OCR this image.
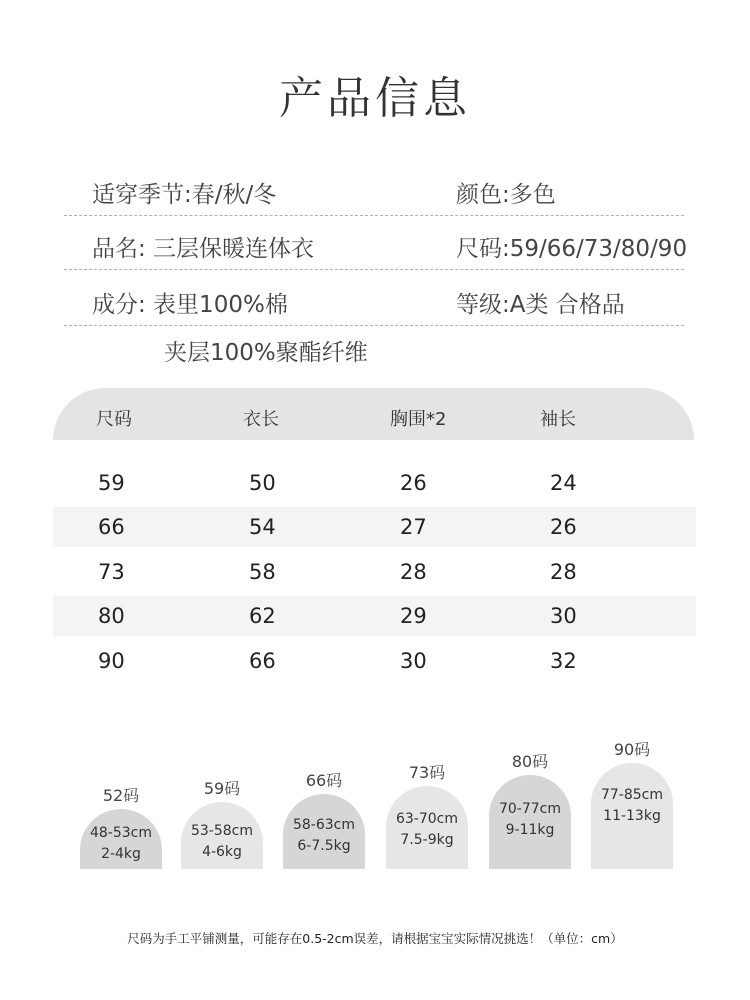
产品信息
适穿季节:春/秋/冬	颜色:多色
品名: 三层保暖连体衣	尺码:59/66/73/80/90
成分: 表里100%棉	等级:A类 合格品
夹层100%聚酯纤维
尺码	衣长	胸围*2	袖长
59	50	26	24
66	54	27	26
73	58	28	28
80	62	29	30
90	66	30	32
52码
48-53cm
2-4kg
59码
53-58cm
4-6kg
66码
58-63cm
6-7.5kg
73码
63-70cm
7.5-9kg
80码
70-77cm
9-11kg
90码
77-85cm
11-13kg
尺码为手工平铺测量，可能存在0.5-2cm误差，请根据宝宝实际情况挑选！（单位：cm）
